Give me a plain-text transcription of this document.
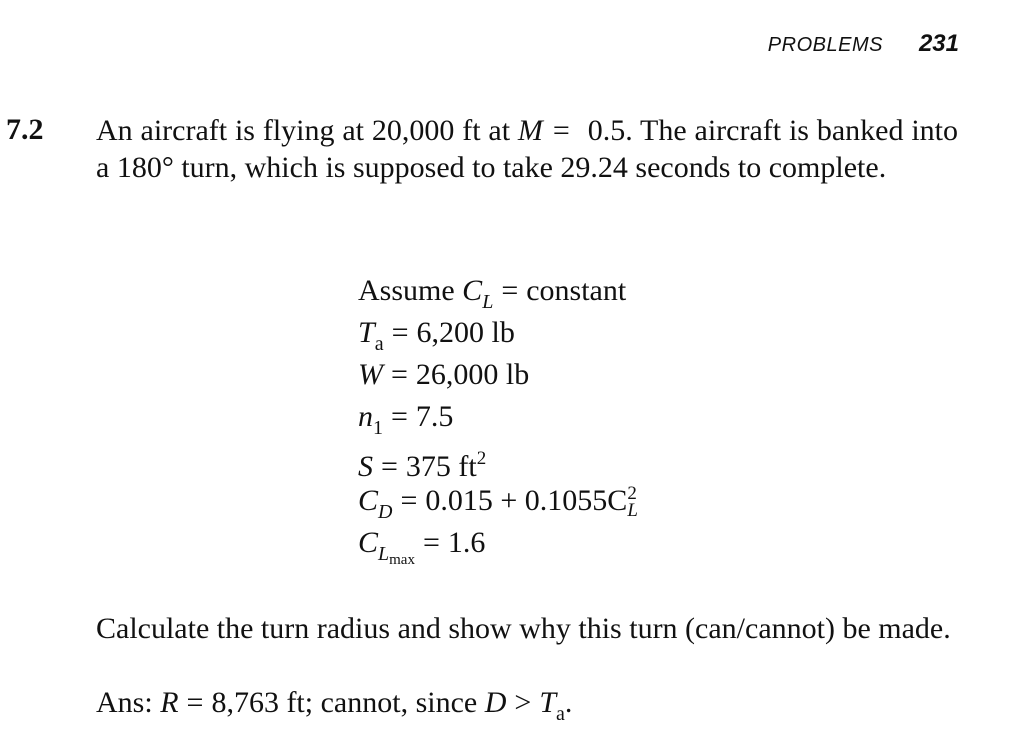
PROBLEMS 231
7.2 An aircraft is flying at 20,000 ft at M = 0.5. The aircraft is banked into a 180° turn, which is supposed to take 29.24 seconds to complete.

Assume $C_L$ = constant
$T_a = 6,200$ lb
W = 26,000 lb
$n_1 = 7.5$
S = 375 $ft^2$
$C_D = 0.015 + 0.1055C$ 2
L
$C_{L_{max}}= 1.6$

Calculate the turn radius and show why this turn (can/cannot) be made.

Ans: R = 8,763 ft; cannot, since $D > T_a$.
